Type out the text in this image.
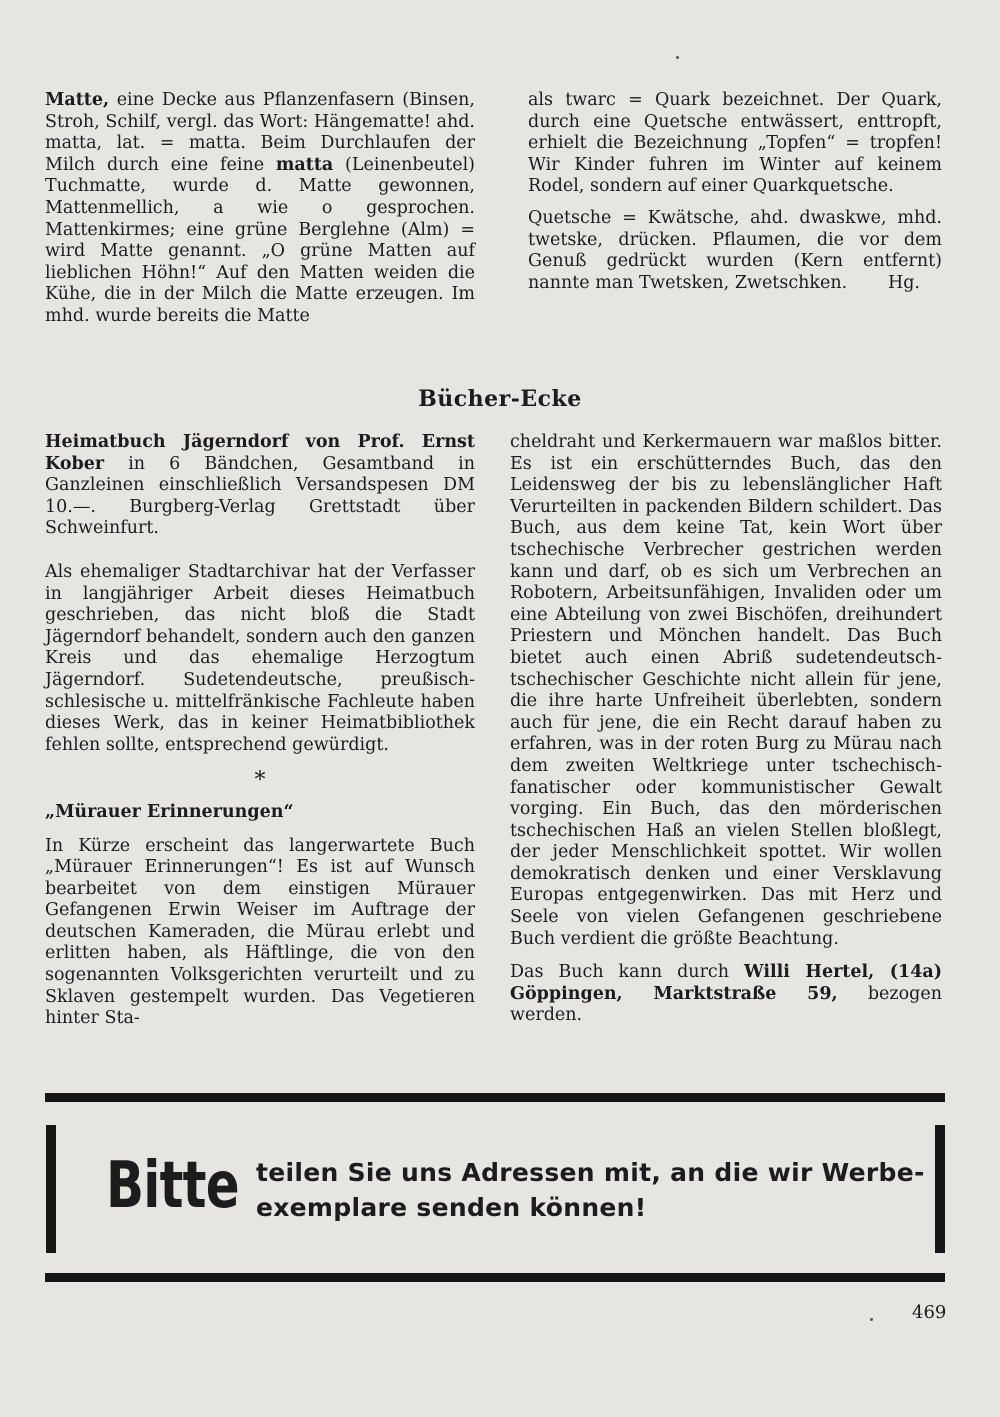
Matte, eine Decke aus Pflanzenfasern (Binsen, Stroh, Schilf, vergl. das Wort: Hängematte! ahd. matta, lat. = matta. Beim Durchlaufen der Milch durch eine feine matta (Leinenbeutel) Tuchmatte, wurde d. Matte gewonnen, Mattenmellich, a wie o gesprochen. Mattenkirmes; eine grüne Berglehne (Alm) = wird Matte genannt. „O grüne Matten auf lieblichen Höhn!“ Auf den Matten weiden die Kühe, die in der Milch die Matte erzeugen. Im mhd. wurde bereits die Matte

als twarc = Quark bezeichnet. Der Quark, durch eine Quetsche entwässert, enttropft, erhielt die Bezeichnung „Topfen“ = tropfen! Wir Kinder fuhren im Winter auf keinem Rodel, sondern auf einer Quarkquetsche.

Quetsche = Kwätsche, ahd. dwaskwe, mhd. twetske, drücken. Pflaumen, die vor dem Genuß gedrückt wurden (Kern entfernt) nannte man Twetsken, Zwetschken. Hg.

Bücher-Ecke

Heimatbuch Jägerndorf von Prof. Ernst Kober in 6 Bändchen, Gesamtband in Ganzleinen einschließlich Versandspesen DM 10.—. Burgberg-Verlag Grettstadt über Schweinfurt.

Als ehemaliger Stadtarchivar hat der Verfasser in langjähriger Arbeit dieses Heimatbuch geschrieben, das nicht bloß die Stadt Jägerndorf behandelt, sondern auch den ganzen Kreis und das ehemalige Herzogtum Jägerndorf. Sudetendeutsche, preußisch-schlesische u. mittelfränkische Fachleute haben dieses Werk, das in keiner Heimatbibliothek fehlen sollte, entsprechend gewürdigt.

*

„Mürauer Erinnerungen“

In Kürze erscheint das langerwartete Buch „Mürauer Erinnerungen“! Es ist auf Wunsch bearbeitet von dem einstigen Mürauer Gefangenen Erwin Weiser im Auftrage der deutschen Kameraden, die Mürau erlebt und erlitten haben, als Häftlinge, die von den sogenannten Volksgerichten verurteilt und zu Sklaven gestempelt wurden. Das Vegetieren hinter Sta-

cheldraht und Kerkermauern war maßlos bitter. Es ist ein erschütterndes Buch, das den Leidensweg der bis zu lebenslänglicher Haft Verurteilten in packenden Bildern schildert. Das Buch, aus dem keine Tat, kein Wort über tschechische Verbrecher gestrichen werden kann und darf, ob es sich um Verbrechen an Robotern, Arbeitsunfähigen, Invaliden oder um eine Abteilung von zwei Bischöfen, dreihundert Priestern und Mönchen handelt. Das Buch bietet auch einen Abriß sudetendeutsch-tschechischer Geschichte nicht allein für jene, die ihre harte Unfreiheit überlebten, sondern auch für jene, die ein Recht darauf haben zu erfahren, was in der roten Burg zu Mürau nach dem zweiten Weltkriege unter tschechisch-fanatischer oder kommunistischer Gewalt vorging. Ein Buch, das den mörderischen tschechischen Haß an vielen Stellen bloßlegt, der jeder Menschlichkeit spottet. Wir wollen demokratisch denken und einer Versklavung Europas entgegenwirken. Das mit Herz und Seele von vielen Gefangenen geschriebene Buch verdient die größte Beachtung.

Das Buch kann durch Willi Hertel, (14a) Göppingen, Marktstraße 59, bezogen werden.

Bitte teilen Sie uns Adressen mit, an die wir Werbe-
exemplare senden können!
469
